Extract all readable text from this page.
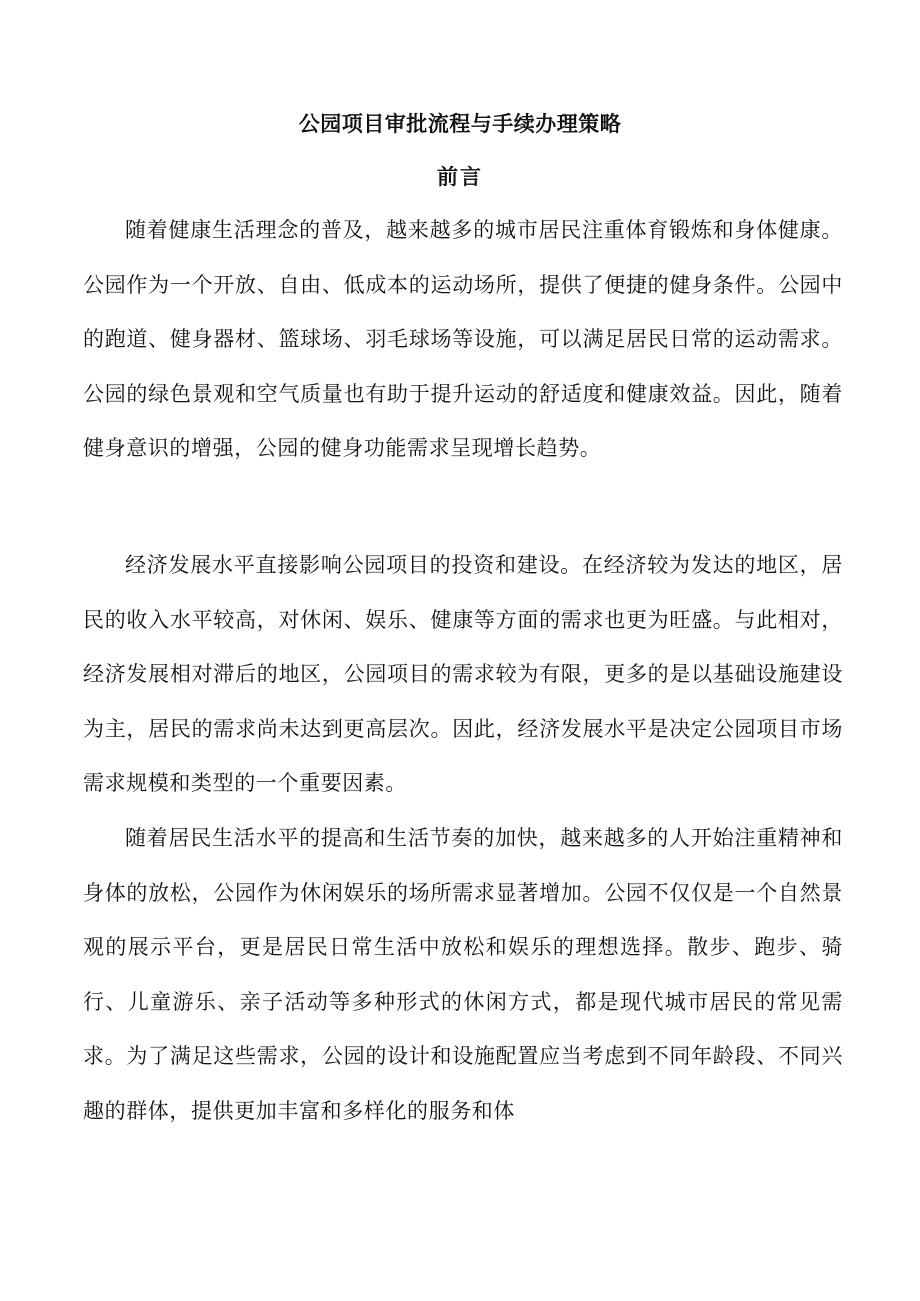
公园项目审批流程与手续办理策略
前言

随着健康生活理念的普及，越来越多的城市居民注重体育锻炼和身体健康。公园作为一个开放、自由、低成本的运动场所，提供了便捷的健身条件。公园中的跑道、健身器材、篮球场、羽毛球场等设施，可以满足居民日常的运动需求。公园的绿色景观和空气质量也有助于提升运动的舒适度和健康效益。因此，随着健身意识的增强，公园的健身功能需求呈现增长趋势。

经济发展水平直接影响公园项目的投资和建设。在经济较为发达的地区，居民的收入水平较高，对休闲、娱乐、健康等方面的需求也更为旺盛。与此相对，经济发展相对滞后的地区，公园项目的需求较为有限，更多的是以基础设施建设为主，居民的需求尚未达到更高层次。因此，经济发展水平是决定公园项目市场需求规模和类型的一个重要因素。

随着居民生活水平的提高和生活节奏的加快，越来越多的人开始注重精神和身体的放松，公园作为休闲娱乐的场所需求显著增加。公园不仅仅是一个自然景观的展示平台，更是居民日常生活中放松和娱乐的理想选择。散步、跑步、骑行、儿童游乐、亲子活动等多种形式的休闲方式，都是现代城市居民的常见需求。为了满足这些需求，公园的设计和设施配置应当考虑到不同年龄段、不同兴趣的群体，提供更加丰富和多样化的服务和体
